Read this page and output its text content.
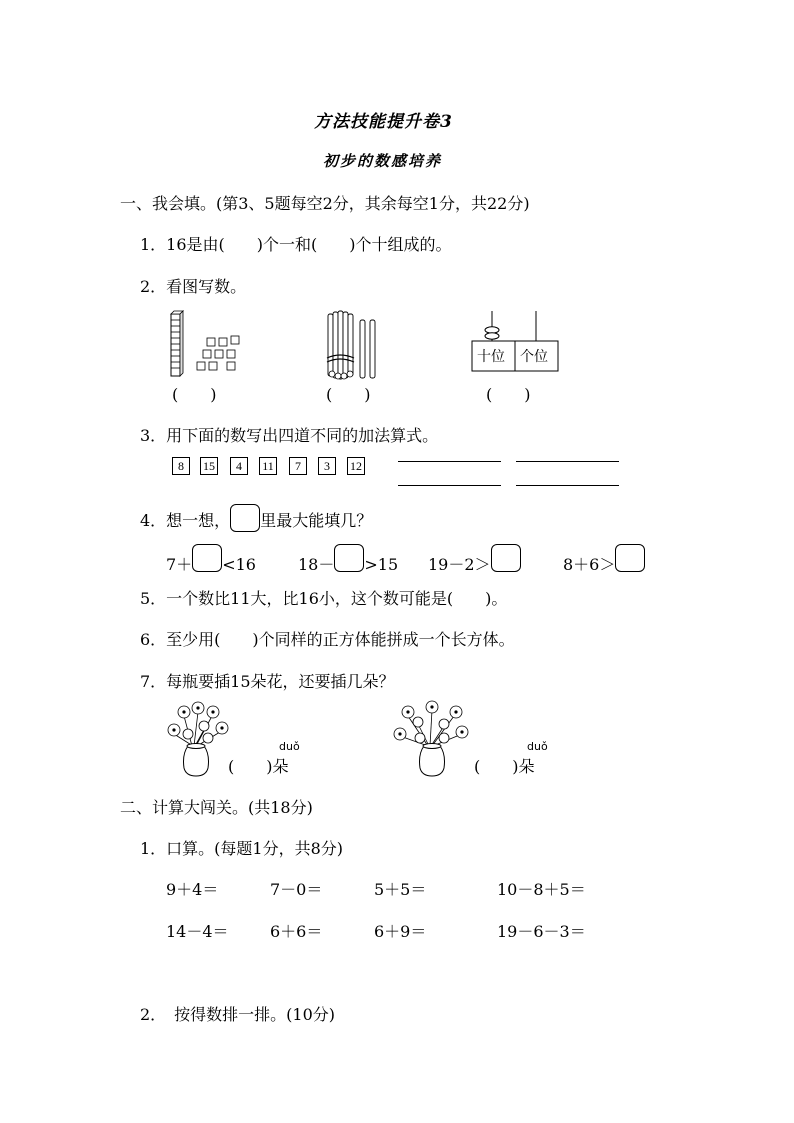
方法技能提升卷3
初步的数感培养
一、我会填。(第3、5题每空2分，其余每空1分，共22分)
1．16是由(　　)个一和(　　)个十组成的。
2．看图写数。
(　　)	(　　)
十位 个位
(　　)
3．用下面的数写出四道不同的加法算式。
8	15	4	11	7	3	12
4．想一想， 里最大能填几？
7＋ <16	18－ >15 19－2＞	8＋6＞
5．一个数比11大，比16小，这个数可能是(　　)。
6．至少用(　　)个同样的正方体能拼成一个长方体。
7．每瓶要插15朵花，还要插几朵？
duǒ
(　　)朵
duǒ
(　　)朵
二、计算大闯关。(共18分)
1．口算。(每题1分，共8分)
9＋4＝	7－0＝	5＋5＝	10－8＋5＝
14－4＝	6＋6＝	6＋9＝	19－6－3＝
2．　按得数排一排。(10分)
